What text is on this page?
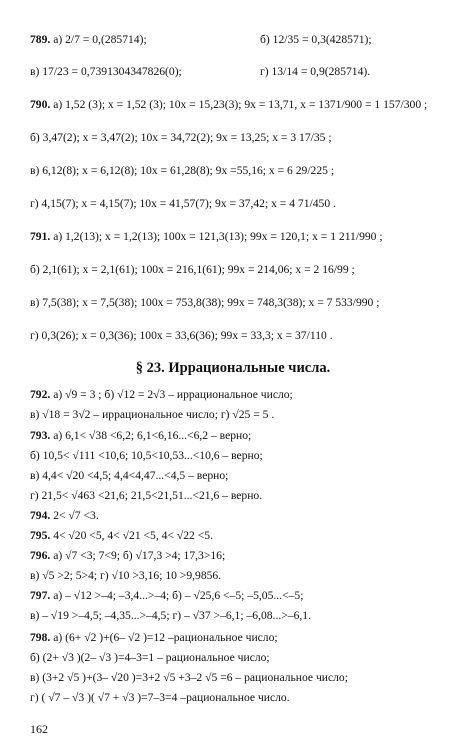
789. а) 2/7 = 0,(285714);	б) 12/35 = 0,3(428571);
в) 17/23 = 0,7391304347826(0);	г) 13/14 = 0,9(285714).
790. а) 1,52 (3); x = 1,52 (3); 10x = 15,23(3); 9x = 13,71, x = 1371/900 = 1 157/300 ;
б) 3,47(2); x = 3,47(2); 10x = 34,72(2); 9x = 13,25; x = 3 17/35 ;
в) 6,12(8); x = 6,12(8); 10x = 61,28(8); 9x =55,16; x = 6 29/225 ;
г) 4,15(7); x = 4,15(7); 10x = 41,57(7); 9x = 37,42; x = 4 71/450 .
791. а) 1,2(13); x = 1,2(13); 100x = 121,3(13); 99x = 120,1; x = 1 211/990 ;
б) 2,1(61); x = 2,1(61); 100x = 216,1(61); 99x = 214,06; x = 2 16/99 ;
в) 7,5(38); x = 7,5(38); 100x = 753,8(38); 99x = 748,3(38); x = 7 533/990 ;
г) 0,3(26); x = 0,3(36); 100x = 33,6(36); 99x = 33,3; x = 37/110 .
§ 23. Иррациональные числа.
792. а) √9 = 3 ; б) √12 = 2√3 – иррациональное число;
в) √18 = 3√2 – иррациональное число; г) √25 = 5 .
793. а) 6,1< √38 <6,2; 6,1<6,16...<6,2 – верно;
б) 10,5< √111 <10,6; 10,5<10,53...<10,6 – верно;
в) 4,4< √20 <4,5; 4,4<4,47...<4,5 – верно;
г) 21,5< √463 <21,6; 21,5<21,51...<21,6 – верно.
794. 2< √7 <3.
795. 4< √20 <5, 4< √21 <5, 4< √22 <5.
796. а) √7 <3; 7<9; б) √17,3 >4; 17,3>16;
в) √5 >2; 5>4; г) √10 >3,16; 10 >9,9856.
797. а) – √12 >–4; –3,4...>–4; б) – √25,6 <–5; –5,05...<–5;
в) – √19 >–4,5; –4,35...>–4,5; г) – √37 >–6,1; –6,08...>–6,1.
798. а) (6+ √2 )+(6– √2 )=12 –рациональное число;
б) (2+ √3 )(2– √3 )=4–3=1 – рациональное число;
в) (3+2 √5 )+(3– √20 )=3+2 √5 +3–2 √5 =6 – рациональное число;
г) ( √7 – √3 )( √7 + √3 )=7–3=4 –рациональное число.
162
